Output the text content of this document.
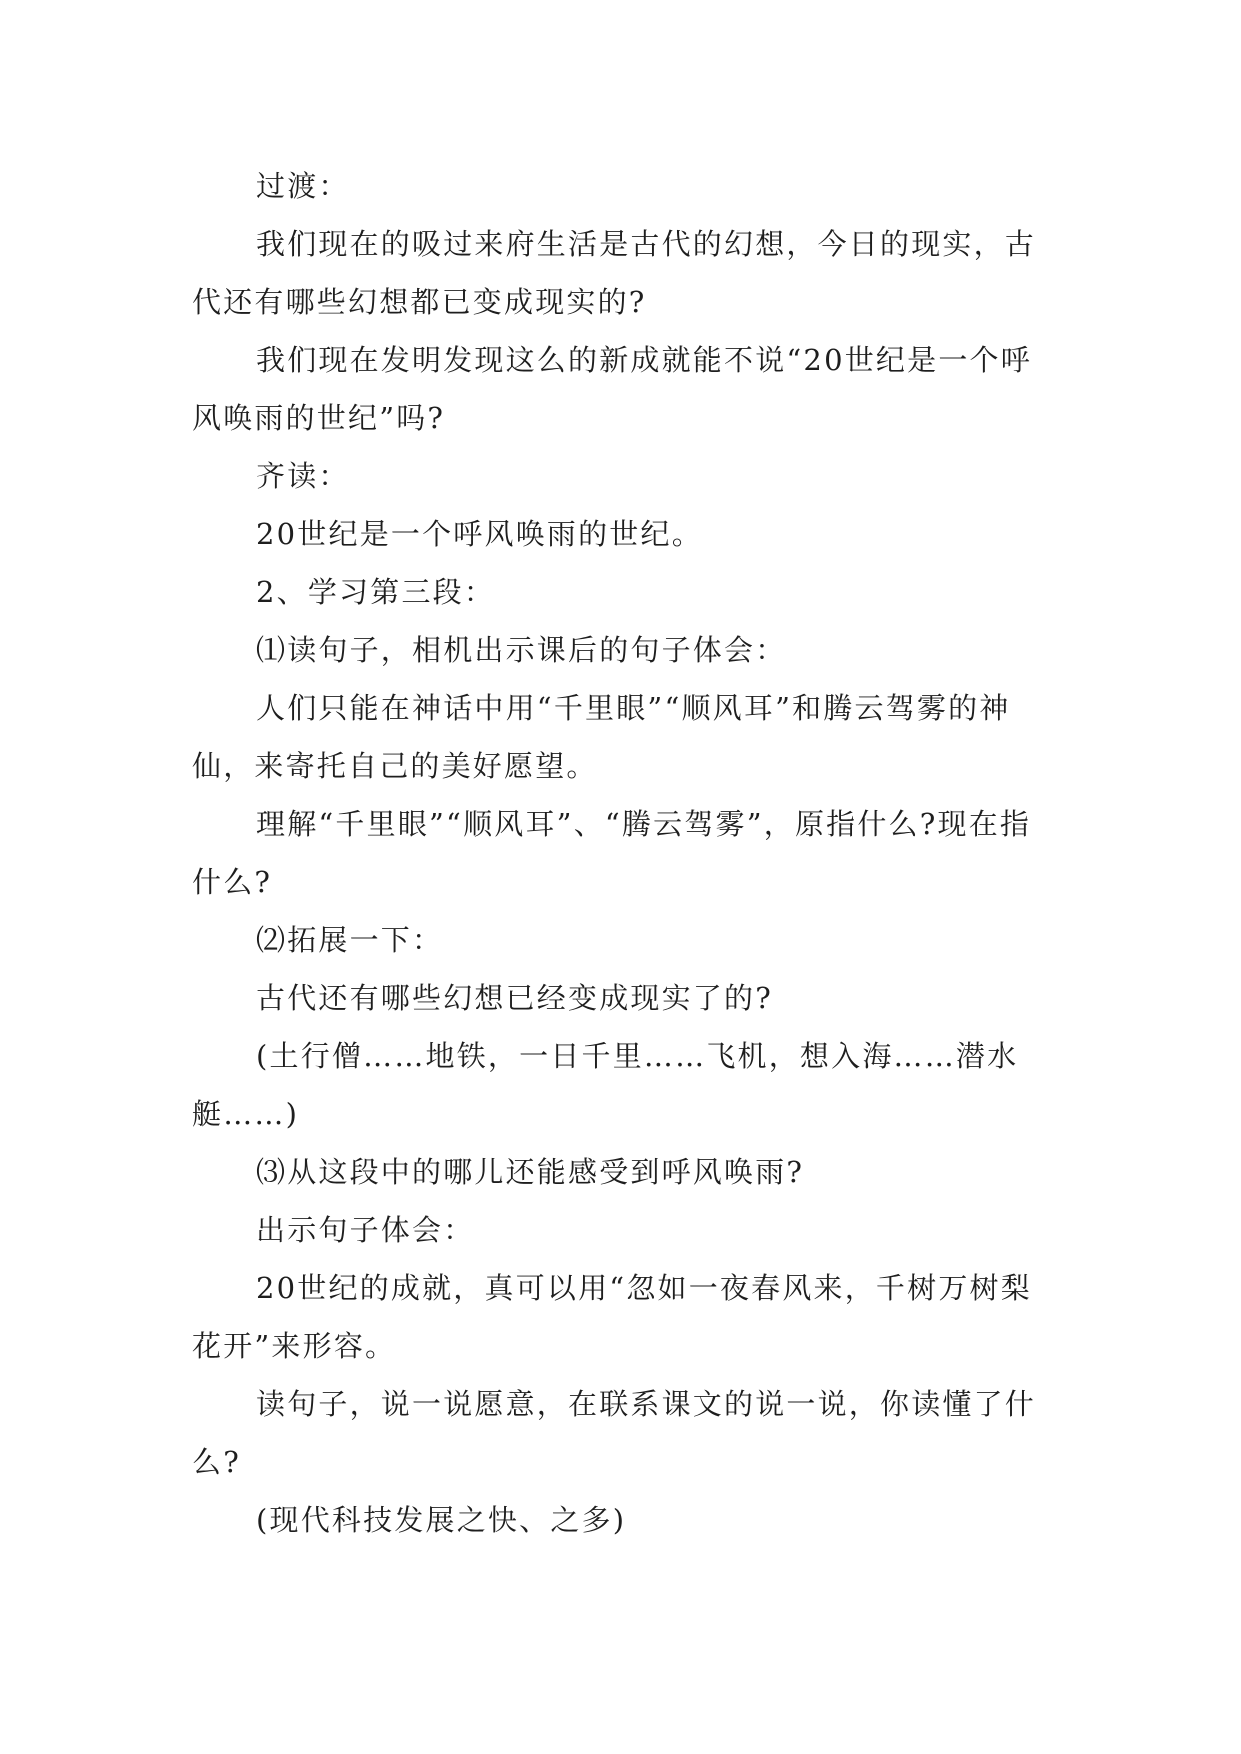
过渡：

我们现在的吸过来府生活是古代的幻想，今日的现实，古代还有哪些幻想都已变成现实的?

我们现在发明发现这么的新成就能不说“20世纪是一个呼风唤雨的世纪”吗?

齐读：

20世纪是一个呼风唤雨的世纪。

2、学习第三段：

⑴读句子，相机出示课后的句子体会：

人们只能在神话中用“千里眼”“顺风耳”和腾云驾雾的神仙，来寄托自己的美好愿望。

理解“千里眼”“顺风耳”、“腾云驾雾”，原指什么?现在指什么?

⑵拓展一下：

古代还有哪些幻想已经变成现实了的?

(土行僧……地铁，一日千里……飞机，想入海……潜水艇……)

⑶从这段中的哪儿还能感受到呼风唤雨?

出示句子体会：

20世纪的成就，真可以用“忽如一夜春风来，千树万树梨花开”来形容。

读句子，说一说愿意，在联系课文的说一说，你读懂了什么?

(现代科技发展之快、之多)
